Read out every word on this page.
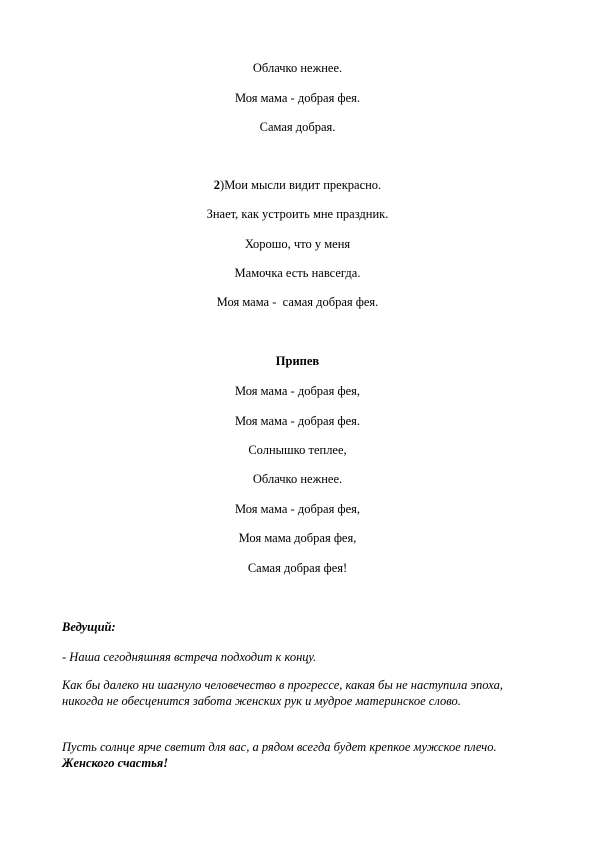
Облачко нежнее.
Моя мама - добрая фея.
Самая добрая.
2)Мои мысли видит прекрасно.
Знает, как устроить мне праздник.
Хорошо, что у меня
Мамочка есть навсегда.
Моя мама -  самая добрая фея.
Припев
Моя мама - добрая фея,
Моя мама - добрая фея.
Солнышко теплее,
Облачко нежнее.
Моя мама - добрая фея,
Моя мама добрая фея,
Самая добрая фея!
Ведущий:
- Наша сегодняшняя встреча подходит к концу.
Как бы далеко ни шагнуло человечество в прогрессе, какая бы не наступила эпоха, никогда не обесценится забота женских рук и мудрое материнское слово.
Пусть солнце ярче светит для вас, а рядом всегда будет крепкое мужское плечо. Женского счастья!
